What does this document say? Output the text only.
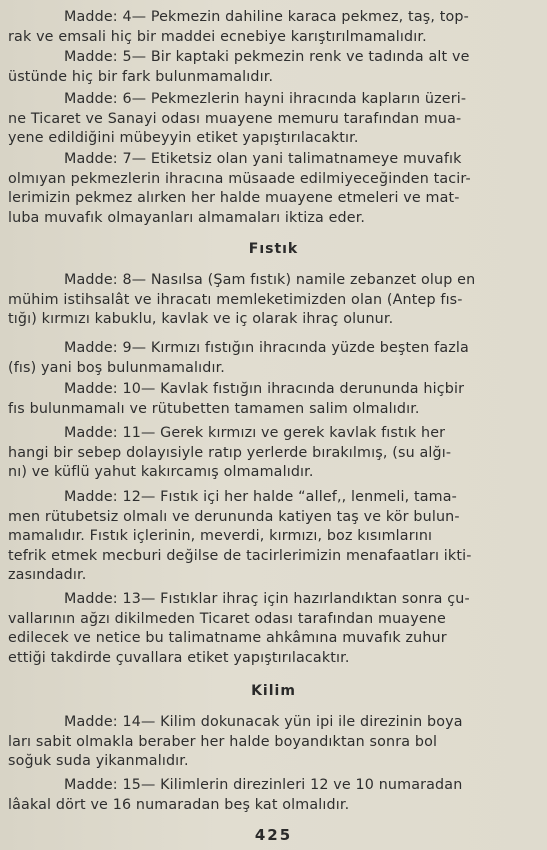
Madde: 4— Pekmezin dahiline karaca pekmez, taş, top-
rak ve emsali hiç bir maddei ecnebiye karıştırılmamalıdır.
Madde: 5— Bir kaptaki pekmezin renk ve tadında alt ve
üstünde hiç bir fark bulunmamalıdır.
Madde: 6— Pekmezlerin hayni ihracında kapların üzeri-
ne Ticaret ve Sanayi odası muayene memuru tarafından mua-
yene edildiğini mübeyyin etiket yapıştırılacaktır.
Madde: 7— Etiketsiz olan yani talimatnameye muvafık
olmıyan pekmezlerin ihracına müsaade edilmiyeceğinden tacir-
lerimizin pekmez alırken her halde muayene etmeleri ve mat-
luba muvafık olmayanları almamaları iktiza eder.
Fıstık
Madde: 8— Nasılsa (Şam fıstık) namile zebanzet olup en
mühim istihsalât ve ihracatı memleketimizden olan (Antep fıs-
tığı) kırmızı kabuklu, kavlak ve iç olarak ihraç olunur.
Madde: 9— Kırmızı fıstığın ihracında yüzde beşten fazla
(fıs) yani boş bulunmamalıdır.
Madde: 10— Kavlak fıstığın ihracında derununda hiçbir
fıs bulunmamalı ve rütubetten tamamen salim olmalıdır.
Madde: 11— Gerek kırmızı ve gerek kavlak fıstık her
hangi bir sebep dolayısiyle ratıp yerlerde bırakılmış, (su alğı-
nı) ve küflü yahut kakırcamış olmamalıdır.
Madde: 12— Fıstık içi her halde “allef,, lenmeli, tama-
men rütubetsiz olmalı ve derununda katiyen taş ve kör bulun-
mamalıdır. Fıstık içlerinin, meverdi, kırmızı, boz kısımlarını
tefrik etmek mecburi değilse de tacirlerimizin menafaatları ikti-
zasındadır.
Madde: 13— Fıstıklar ihraç için hazırlandıktan sonra çu-
vallarının ağzı dikilmeden Ticaret odası tarafından muayene
edilecek ve netice bu talimatname ahkâmına muvafık zuhur
ettiği takdirde çuvallara etiket yapıştırılacaktır.
Kilim
Madde: 14— Kilim dokunacak yün ipi ile direzinin boya
ları sabit olmakla beraber her halde boyandıktan sonra bol
soğuk suda yikanmalıdır.
Madde: 15— Kilimlerin direzinleri 12 ve 10 numaradan
lâakal dört ve 16 numaradan beş kat olmalıdır.
425
